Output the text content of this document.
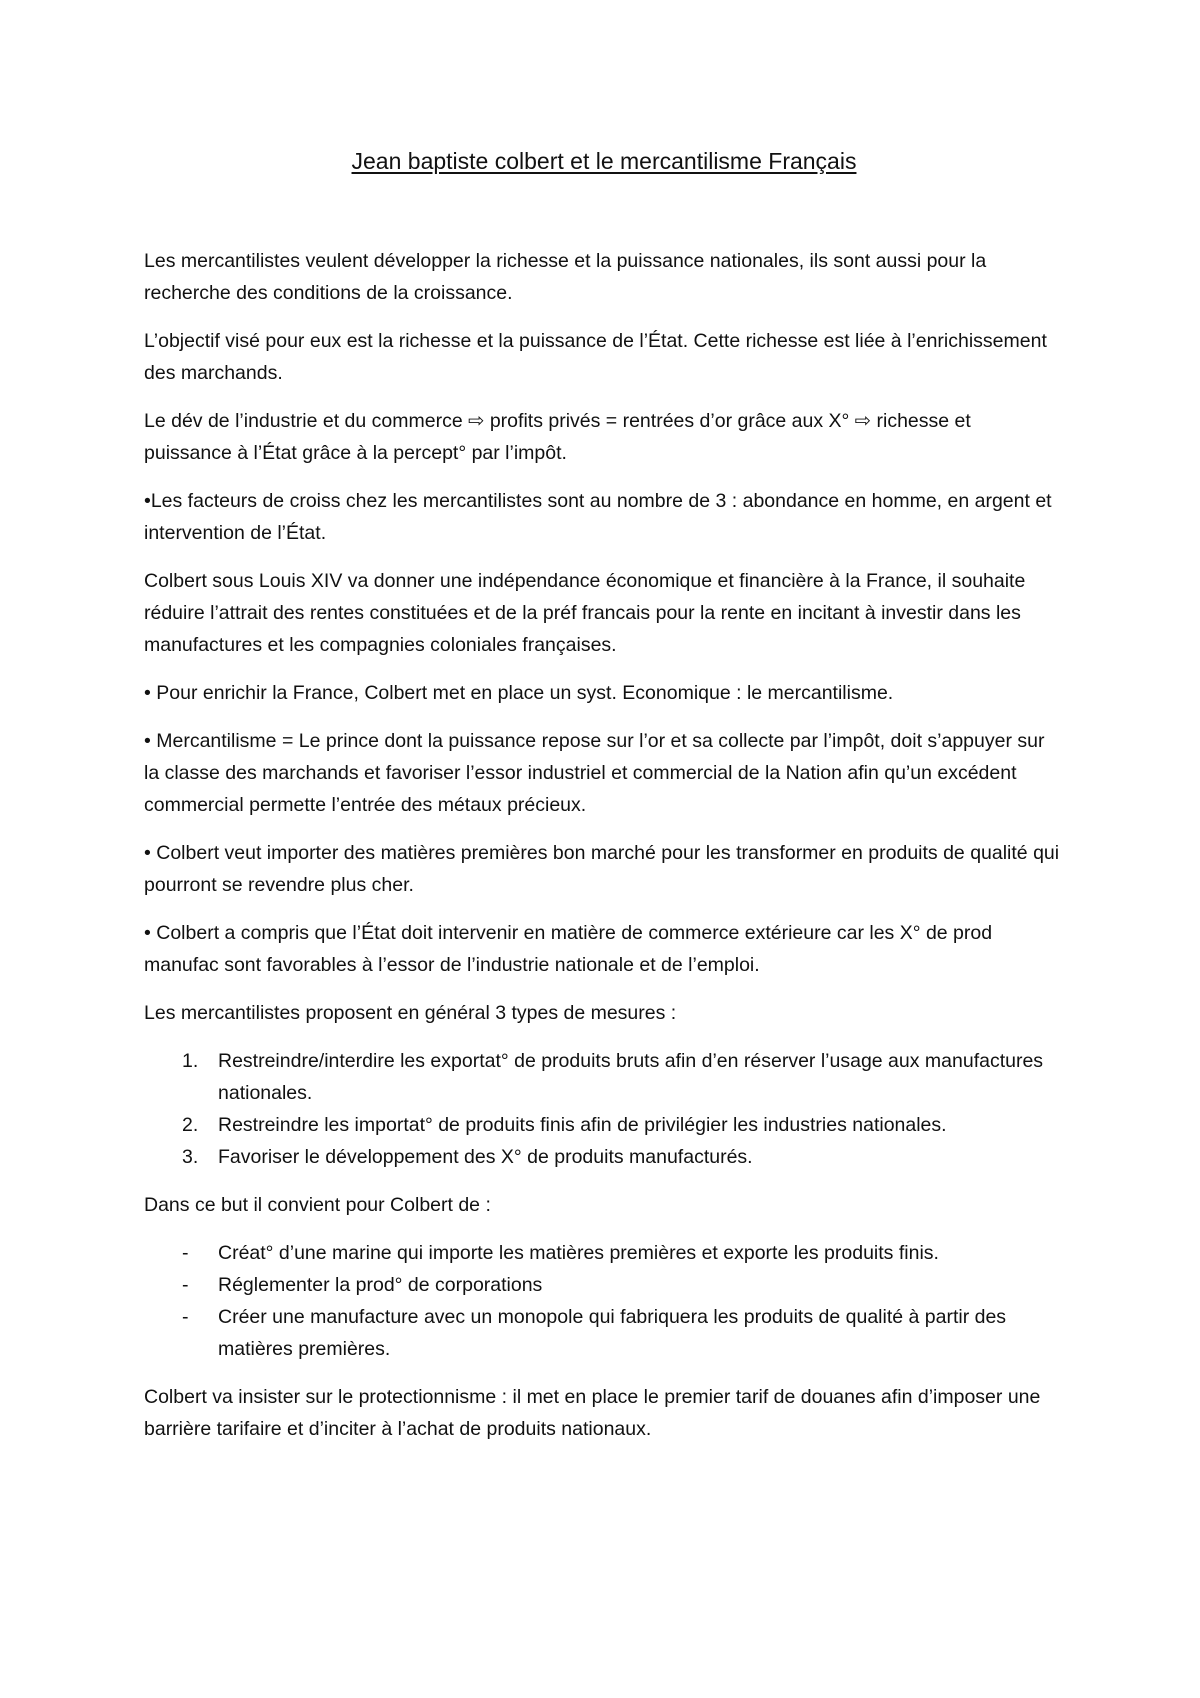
Jean baptiste colbert et le mercantilisme Français

Les mercantilistes veulent développer la richesse et la puissance nationales, ils sont aussi pour la recherche des conditions de la croissance.

L’objectif visé pour eux est la richesse et la puissance de l’État. Cette richesse est liée à l’enrichissement des marchands.

Le dév de l’industrie et du commerce ⇨ profits privés = rentrées d’or grâce aux X° ⇨ richesse et puissance à l’État grâce à la percept° par l’impôt.

•Les facteurs de croiss chez les mercantilistes sont au nombre de 3 : abondance en homme, en argent et intervention de l’État.

Colbert sous Louis XIV va donner une indépendance économique et financière à la France, il souhaite réduire l’attrait des rentes constituées et de la préf francais pour la rente en incitant à investir dans les manufactures et les compagnies coloniales françaises.

• Pour enrichir la France, Colbert met en place un syst. Economique : le mercantilisme.

• Mercantilisme = Le prince dont la puissance repose sur l’or et sa collecte par l’impôt, doit s’appuyer sur la classe des marchands et favoriser l’essor industriel et commercial de la Nation afin qu’un excédent commercial permette l’entrée des métaux précieux.

• Colbert veut importer des matières premières bon marché pour les transformer en produits de qualité qui pourront se revendre plus cher.

• Colbert a compris que l’État doit intervenir en matière de commerce extérieure car les X° de prod manufac sont favorables à l’essor de l’industrie nationale et de l’emploi.

Les mercantilistes proposent en général 3 types de mesures :

1. Restreindre/interdire les exportat° de produits bruts afin d’en réserver l’usage aux manufactures nationales.
2. Restreindre les importat° de produits finis afin de privilégier les industries nationales.
3. Favoriser le développement des X° de produits manufacturés.

Dans ce but il convient pour Colbert de :

- Créat° d’une marine qui importe les matières premières et exporte les produits finis.
- Réglementer la prod° de corporations
- Créer une manufacture avec un monopole qui fabriquera les produits de qualité à partir des matières premières.

Colbert va insister sur le protectionnisme : il met en place le premier tarif de douanes afin d’imposer une barrière tarifaire et d’inciter à l’achat de produits nationaux.
